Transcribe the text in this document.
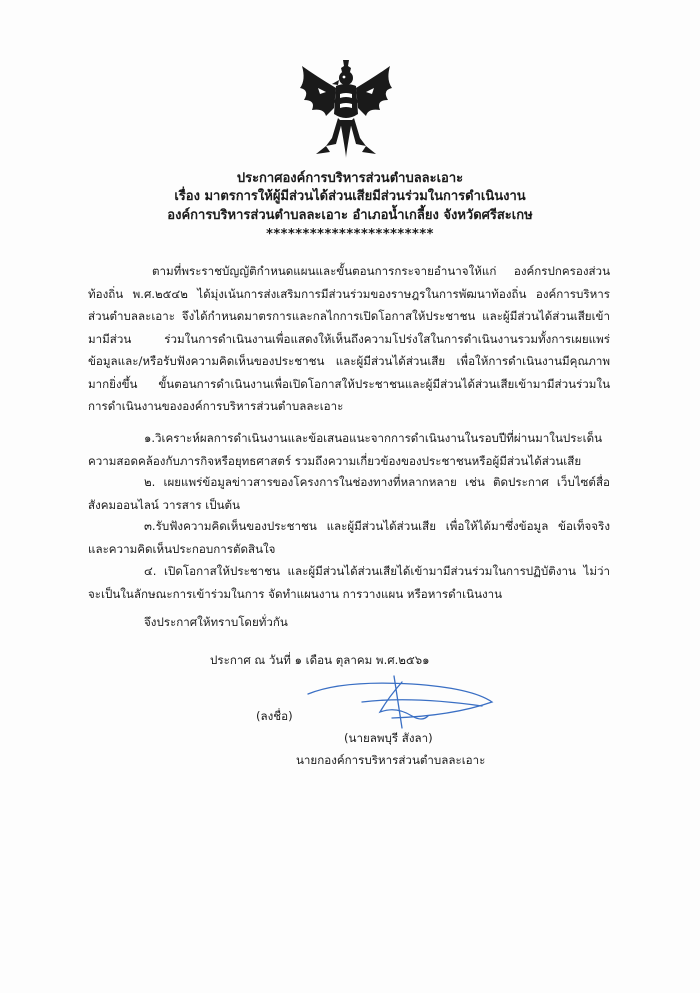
ประกาศองค์การบริหารส่วนตำบลละเอาะ
เรื่อง มาตรการให้ผู้มีส่วนได้ส่วนเสียมีส่วนร่วมในการดำเนินงาน
องค์การบริหารส่วนตำบลละเอาะ อำเภอน้ำเกลี้ยง จังหวัดศรีสะเกษ
***********************
ตามที่พระราชบัญญัติกำหนดแผนและขั้นตอนการกระจายอำนาจให้แก่ องค์กรปกครองส่วนท้องถิ่น พ.ศ.๒๕๔๒ ได้มุ่งเน้นการส่งเสริมการมีส่วนร่วมของราษฎรในการพัฒนาท้องถิ่น องค์การบริหารส่วนตำบลละเอาะ จึงได้กำหนดมาตรการและกลไกการเปิดโอกาสให้ประชาชน และผู้มีส่วนได้ส่วนเสียเข้ามามีส่วน ร่วมในการดำเนินงานเพื่อแสดงให้เห็นถึงความโปร่งใสในการดำเนินงานรวมทั้งการเผยแพร่ข้อมูลและ/หรือรับฟังความคิดเห็นของประชาชน และผู้มีส่วนได้ส่วนเสีย เพื่อให้การดำเนินงานมีคุณภาพมากยิ่งขึ้น ขั้นตอนการดำเนินงานเพื่อเปิดโอกาสให้ประชาชนและผู้มีส่วนได้ส่วนเสียเข้ามามีส่วนร่วมใน การดำเนินงานขององค์การบริหารส่วนตำบลละเอาะ
๑.วิเคราะห์ผลการดำเนินงานและข้อเสนอแนะจากการดำเนินงานในรอบปีที่ผ่านมาในประเด็นความสอดคล้องกับภารกิจหรือยุทธศาสตร์ รวมถึงความเกี่ยวข้องของประชาชนหรือผู้มีส่วนได้ส่วนเสีย
๒. เผยแพร่ข้อมูลข่าวสารของโครงการในช่องทางที่หลากหลาย เช่น ติดประกาศ เว็บไซต์สื่อสังคมออนไลน์ วารสาร เป็นต้น
๓.รับฟังความคิดเห็นของประชาชน และผู้มีส่วนได้ส่วนเสีย เพื่อให้ได้มาซึ่งข้อมูล ข้อเท็จจริงและความคิดเห็นประกอบการตัดสินใจ
๔. เปิดโอกาสให้ประชาชน และผู้มีส่วนได้ส่วนเสียได้เข้ามามีส่วนร่วมในการปฏิบัติงาน ไม่ว่าจะเป็นในลักษณะการเข้าร่วมในการ จัดทำแผนงาน การวางแผน หรือหารดำเนินงาน
จึงประกาศให้ทราบโดยทั่วกัน
ประกาศ ณ วันที่ ๑ เดือน ตุลาคม พ.ศ.๒๕๖๑
(ลงชื่อ)
(นายลพบุรี สังลา)
นายกองค์การบริหารส่วนตำบลละเอาะ
